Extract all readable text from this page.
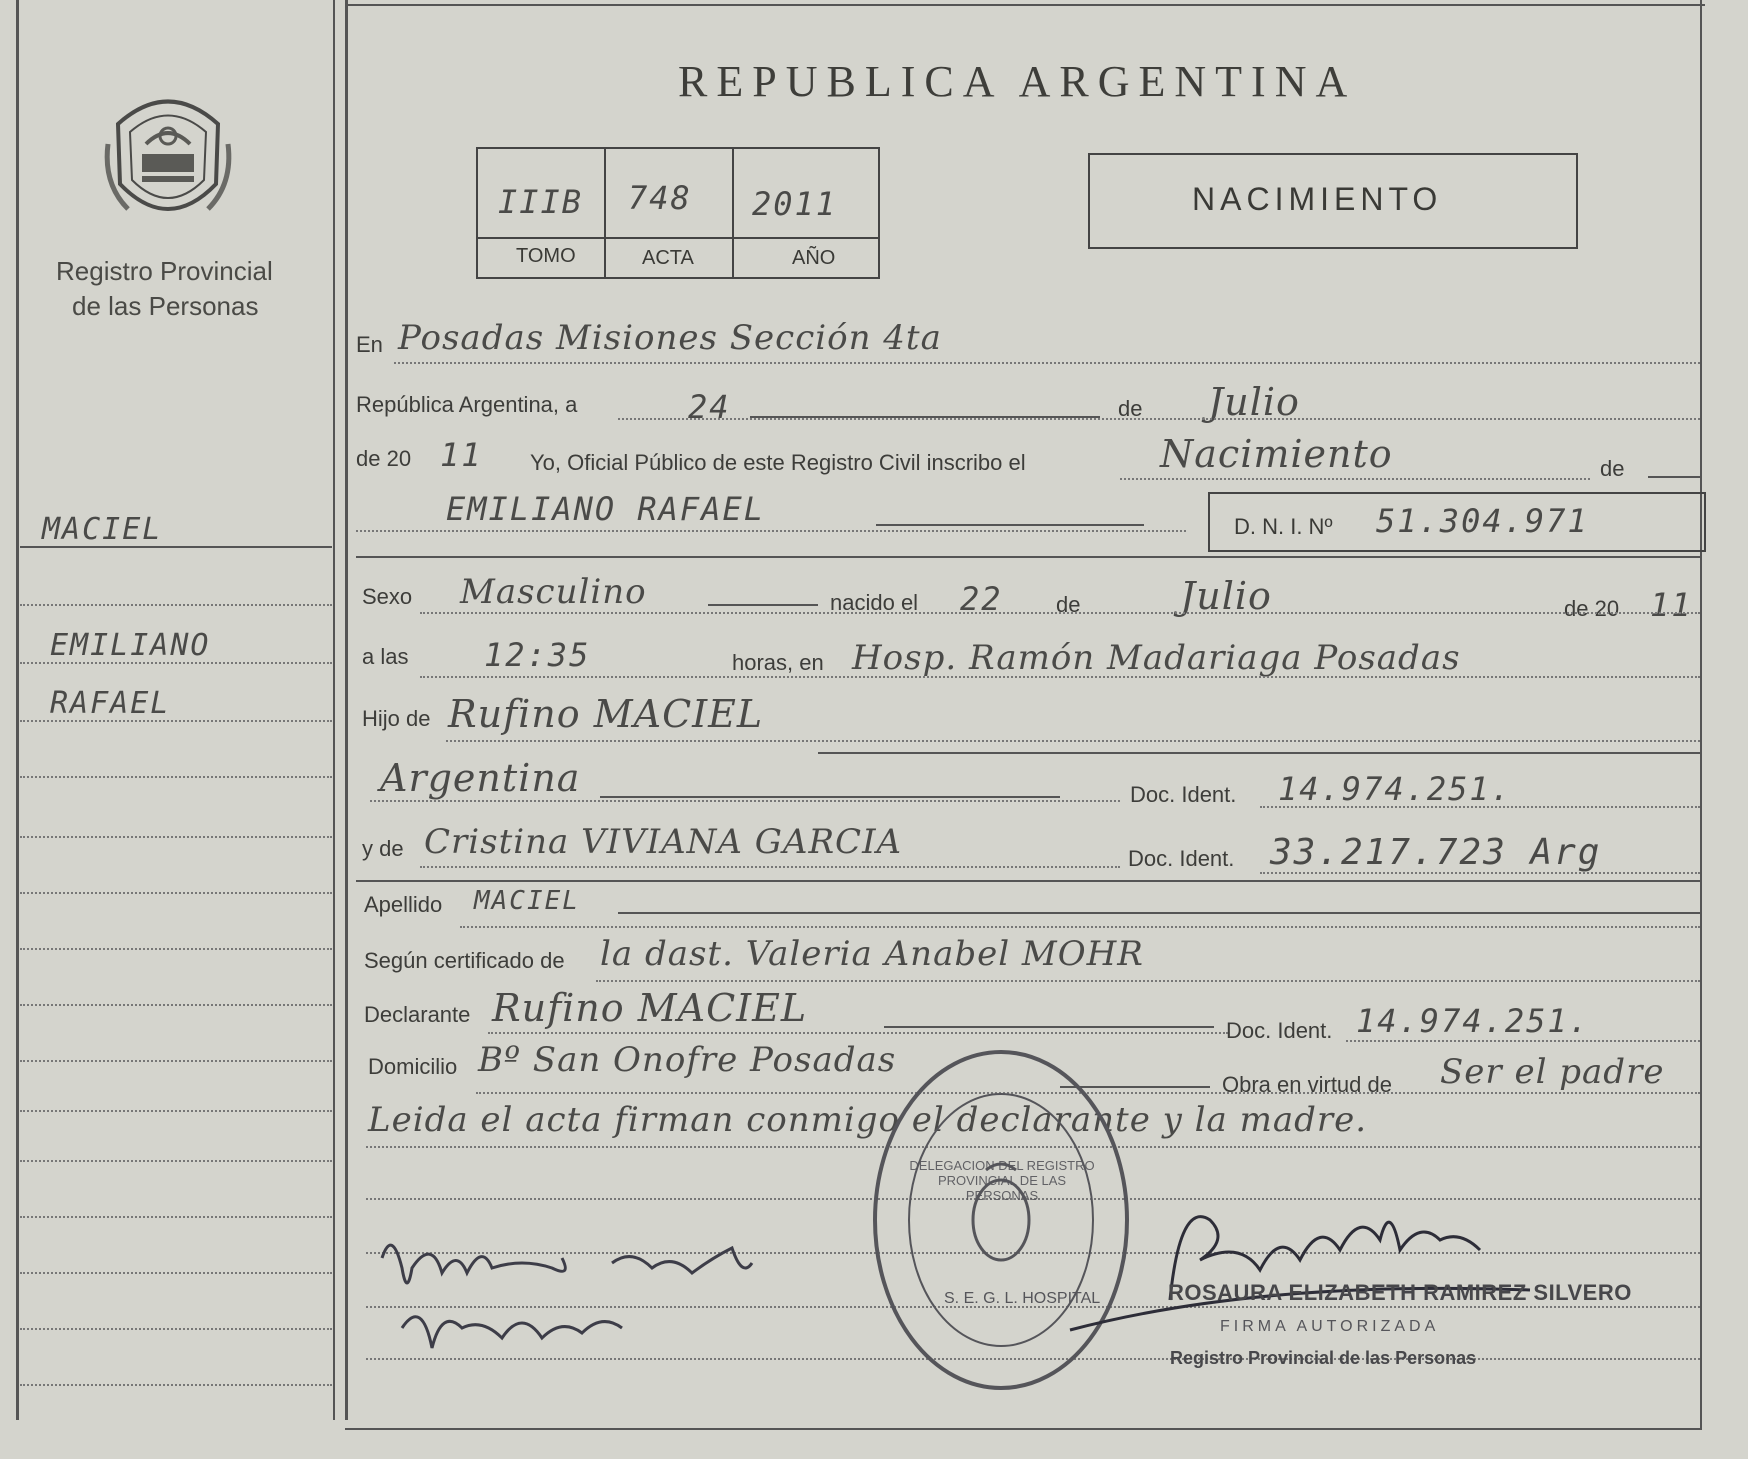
Registro Provincial
de las Personas
REPUBLICA ARGENTINA
IIIB 748 2011
TOMO	ACTA	AÑO
NACIMIENTO
MACIEL
EMILIANO
RAFAEL
En Posadas Misiones Sección 4ta
República Argentina, a	24	de Julio
de 20 11 Yo, Oficial Público de este Registro Civil inscribo el	Nacimiento	de
EMILIANO RAFAEL	D. N. I. Nº 51.304.971
Sexo Masculino	nacido el 22 de	Julio	de 20 11
a las 12:35	horas, en Hosp. Ramón Madariaga Posadas
Hijo de Rufino MACIEL
Argentina	Doc. Ident. 14.974.251.
y de Cristina VIVIANA GARCIA	Doc. Ident. 33.217.723 Arg
Apellido MACIEL
Según certificado de la dast. Valeria Anabel MOHR
Declarante Rufino MACIEL
Doc. Ident. 14.974.251.
Domicilio Bº San Onofre Posadas
Obra en virtud de Ser el padre
Leida el acta firman conmigo el declarante y la madre.
DELEGACION DEL REGISTRO PROVINCIAL DE LAS PERSONAS
S. E. G. L. HOSPITAL	ROSAURA ELIZABETH RAMIREZ SILVERO
FIRMA AUTORIZADA
Registro Provincial de las Personas
